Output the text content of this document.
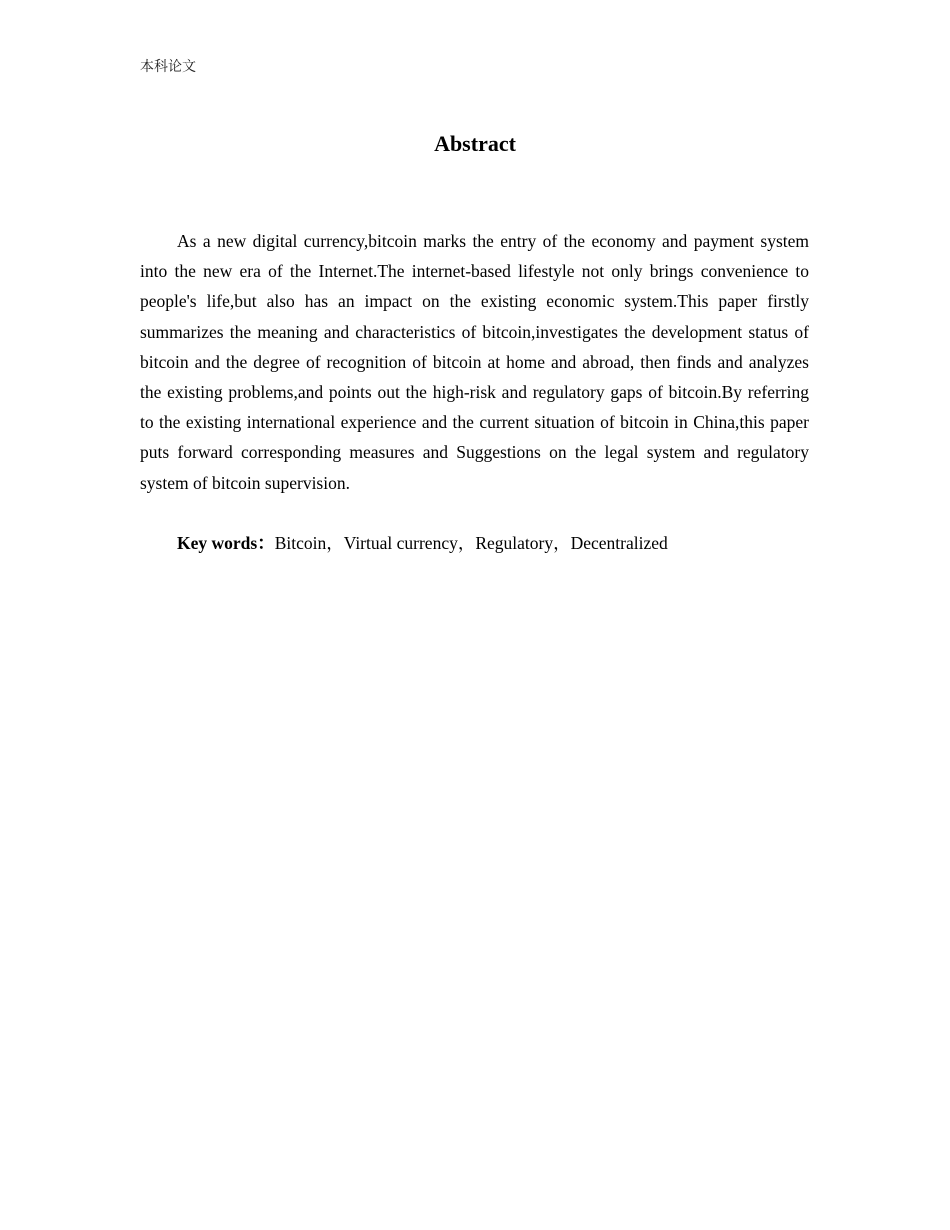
本科论文
Abstract

As a new digital currency,bitcoin marks the entry of the economy and payment system into the new era of the Internet.The internet-based lifestyle not only brings convenience to people's life,but also has an impact on the existing economic system.This paper firstly summarizes the meaning and characteristics of bitcoin,investigates the development status of bitcoin and the degree of recognition of bitcoin at home and abroad, then finds and analyzes the existing problems,and points out the high-risk and regulatory gaps of bitcoin.By referring to the existing international experience and the current situation of bitcoin in China,this paper puts forward corresponding measures and Suggestions on the legal system and regulatory system of bitcoin supervision.

Key words：Bitcoin，Virtual currency，Regulatory，Decentralized
